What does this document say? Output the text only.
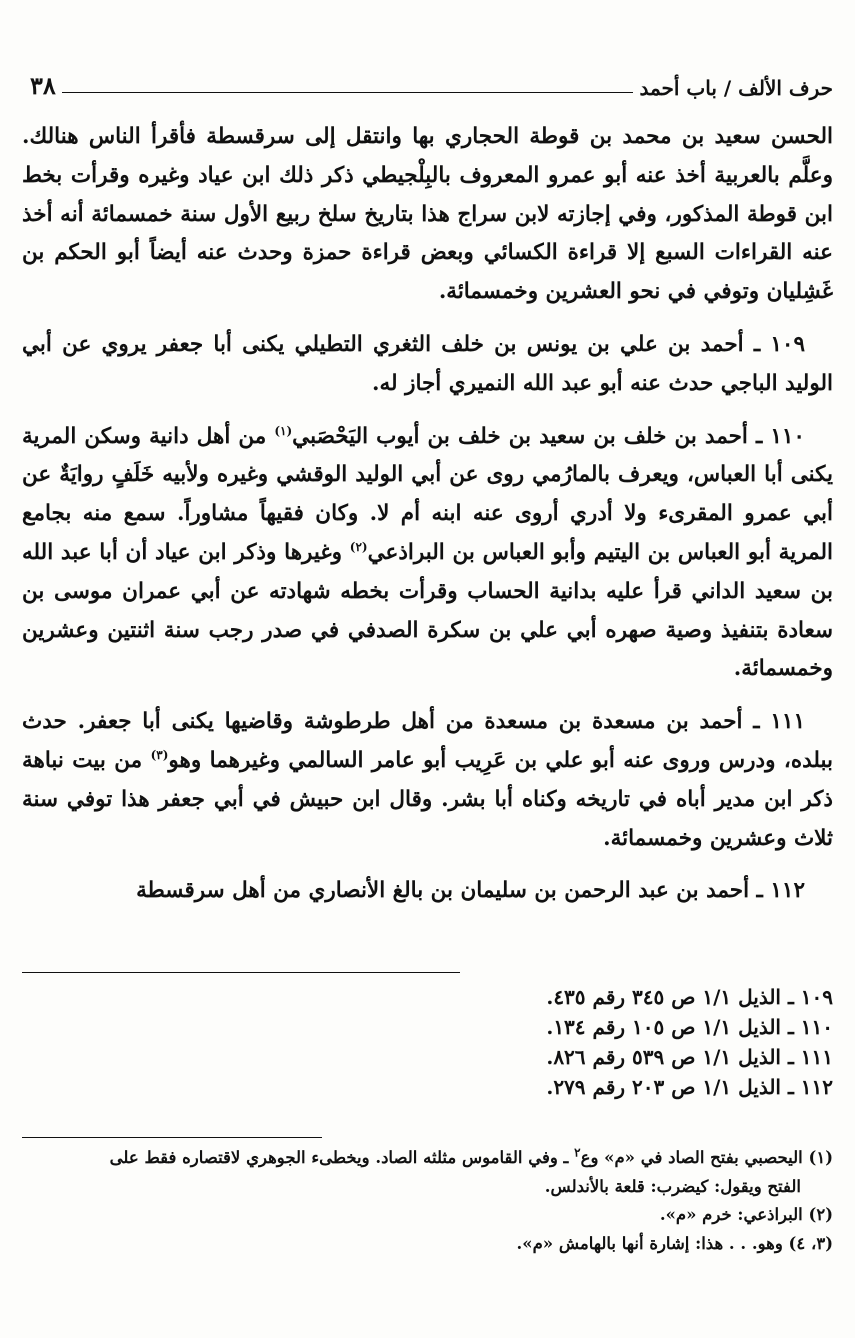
حرف الألف / باب أحمد
٣٨

الحسن سعيد بن محمد بن قوطة الحجاري بها وانتقل إلى سرقسطة فأقرأ الناس هنالك. وعلَّم بالعربية أخذ عنه أبو عمرو المعروف بالبِلْجيطي ذكر ذلك ابن عياد وغيره وقرأت بخط ابن قوطة المذكور، وفي إجازته لابن سراج هذا بتاريخ سلخ ربيع الأول سنة خمسمائة أنه أخذ عنه القراءات السبع إلا قراءة الكسائي وبعض قراءة حمزة وحدث عنه أيضاً أبو الحكم بن غَشِليان وتوفي في نحو العشرين وخمسمائة.

١٠٩ ـ أحمد بن علي بن يونس بن خلف الثغري التطيلي يكنى أبا جعفر يروي عن أبي الوليد الباجي حدث عنه أبو عبد الله النميري أجاز له.

١١٠ ـ أحمد بن خلف بن سعيد بن خلف بن أيوب اليَحْصَبي$^{(١)}$ من أهل دانية وسكن المرية يكنى أبا العباس، ويعرف بالمارُمي روى عن أبي الوليد الوقشي وغيره ولأبيه خَلَفٍ روايَةٌ عن أبي عمرو المقرىء ولا أدري أروى عنه ابنه أم لا. وكان فقيهاً مشاوراً. سمع منه بجامع المرية أبو العباس بن اليتيم وأبو العباس بن البراذعي$^{(٢)}$ وغيرها وذكر ابن عياد أن أبا عبد الله بن سعيد الداني قرأ عليه بدانية الحساب وقرأت بخطه شهادته عن أبي عمران موسى بن سعادة بتنفيذ وصية صهره أبي علي بن سكرة الصدفي في صدر رجب سنة اثنتين وعشرين وخمسمائة.

١١١ ـ أحمد بن مسعدة بن مسعدة من أهل طرطوشة وقاضيها يكنى أبا جعفر. حدث ببلده، ودرس وروى عنه أبو علي بن عَرِيب أبو عامر السالمي وغيرهما وهو$^{(٣)}$ من بيت نباهة ذكر ابن مدير أباه في تاريخه وكناه أبا بشر. وقال ابن حبيش في أبي جعفر هذا توفي سنة ثلاث وعشرين وخمسمائة.

١١٢ ـ أحمد بن عبد الرحمن بن سليمان بن بالغ الأنصاري من أهل سرقسطة

١٠٩ ـ الذيل ١/١ ص ٣٤٥ رقم ٤٣٥.
١١٠ ـ الذيل ١/١ ص ١٠٥ رقم ١٣٤.
١١١ ـ الذيل ١/١ ص ٥٣٩ رقم ٨٢٦.
١١٢ ـ الذيل ١/١ ص ٢٠٣ رقم ٢٧٩.
(١) اليحصبي بفتح الصاد في «م» وع$^٢$ ـ وفي القاموس مثلثه الصاد. ويخطىء الجوهري لاقتصاره فقط على
الفتح ويقول: كيضرب: قلعة بالأندلس.
(٢) البراذعي: خرم «م».
(٣، ٤) وهو. . . هذا: إشارة أنها بالهامش «م».
